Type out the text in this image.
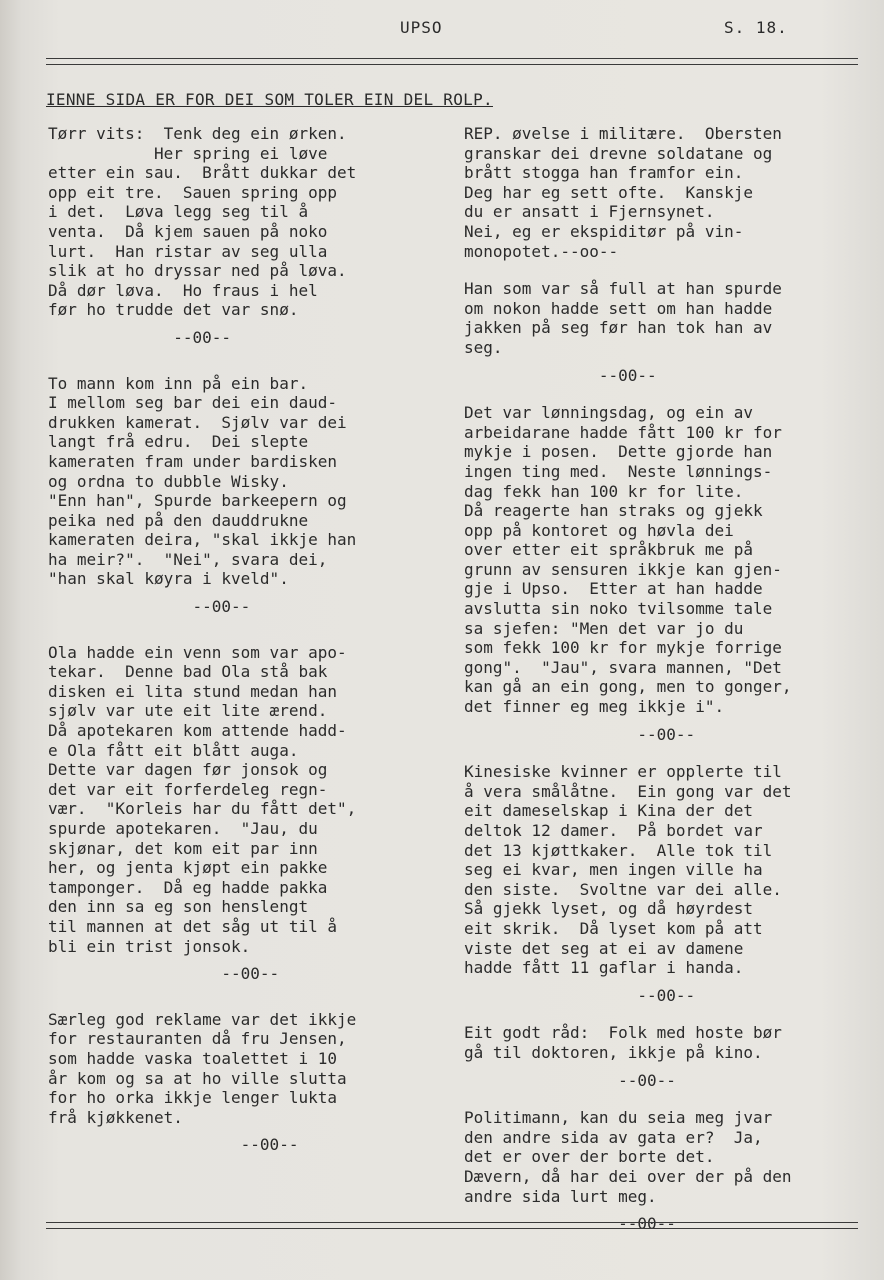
UPSO	S. 18.
IENNE SIDA ER FOR DEI SOM TOLER EIN DEL ROLP.
Tørr vits:  Tenk deg ein ørken.
Her spring ei løve
etter ein sau.  Brått dukkar det
opp eit tre.  Sauen spring opp
i det.  Løva legg seg til å
venta.  Då kjem sauen på noko
lurt.  Han ristar av seg ulla
slik at ho dryssar ned på løva.
Då dør løva.  Ho fraus i hel
før ho trudde det var snø.
--00--
To mann kom inn på ein bar.
I mellom seg bar dei ein daud-
drukken kamerat.  Sjølv var dei
langt frå edru.  Dei slepte
kameraten fram under bardisken
og ordna to dubble Wisky.
"Enn han", Spurde barkeepern og
peika ned på den dauddrukne
kameraten deira, "skal ikkje han
ha meir?".  "Nei", svara dei,
"han skal køyra i kveld".
--00--
Ola hadde ein venn som var apo-
tekar.  Denne bad Ola stå bak
disken ei lita stund medan han
sjølv var ute eit lite ærend.
Då apotekaren kom attende hadd-
e Ola fått eit blått auga.
Dette var dagen før jonsok og
det var eit forferdeleg regn-
vær.  "Korleis har du fått det",
spurde apotekaren.  "Jau, du
skjønar, det kom eit par inn
her, og jenta kjøpt ein pakke
tamponger.  Då eg hadde pakka
den inn sa eg son henslengt
til mannen at det såg ut til å
bli ein trist jonsok.
--00--
Særleg god reklame var det ikkje
for restauranten då fru Jensen,
som hadde vaska toalettet i 10
år kom og sa at ho ville slutta
for ho orka ikkje lenger lukta
frå kjøkkenet.
--00--
REP. øvelse i militære.  Obersten
granskar dei drevne soldatane og
brått stogga han framfor ein.
Deg har eg sett ofte.  Kanskje
du er ansatt i Fjernsynet.
Nei, eg er ekspiditør på vin-
monopotet.--oo--
Han som var så full at han spurde
om nokon hadde sett om han hadde
jakken på seg før han tok han av
seg.
--00--
Det var lønningsdag, og ein av
arbeidarane hadde fått 100 kr for
mykje i posen.  Dette gjorde han
ingen ting med.  Neste lønnings-
dag fekk han 100 kr for lite.
Då reagerte han straks og gjekk
opp på kontoret og høvla dei
over etter eit språkbruk me på
grunn av sensuren ikkje kan gjen-
gje i Upso.  Etter at han hadde
avslutta sin noko tvilsomme tale
sa sjefen: "Men det var jo du
som fekk 100 kr for mykje forrige
gong".  "Jau", svara mannen, "Det
kan gå an ein gong, men to gonger,
det finner eg meg ikkje i".
--00--
Kinesiske kvinner er opplerte til
å vera smålåtne.  Ein gong var det
eit dameselskap i Kina der det
deltok 12 damer.  På bordet var
det 13 kjøttkaker.  Alle tok til
seg ei kvar, men ingen ville ha
den siste.  Svoltne var dei alle.
Så gjekk lyset, og då høyrdest
eit skrik.  Då lyset kom på att
viste det seg at ei av damene
hadde fått 11 gaflar i handa.
--00--
Eit godt råd:  Folk med hoste bør
gå til doktoren, ikkje på kino.
--00--
Politimann, kan du seia meg jvar
den andre sida av gata er?  Ja,
det er over der borte det.
Dævern, då har dei over der på den
andre sida lurt meg.
--00--
